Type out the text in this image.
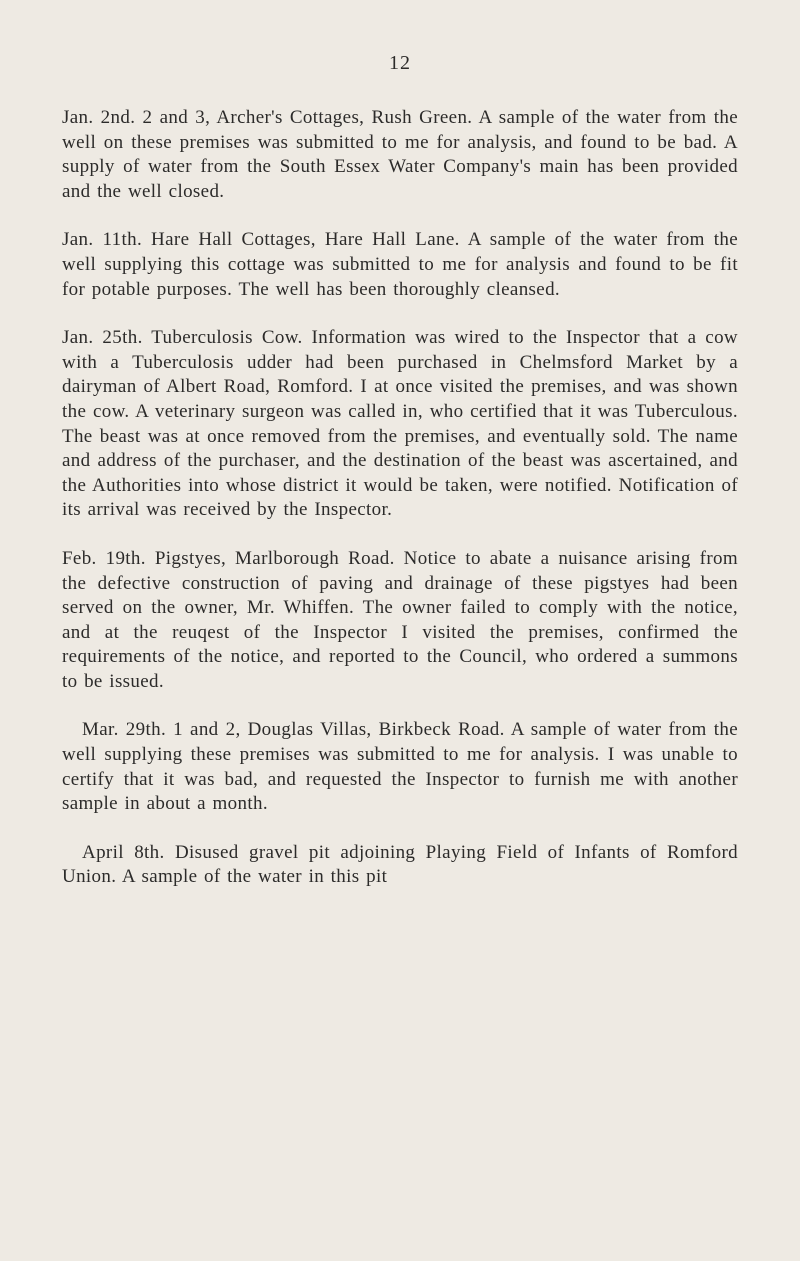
12

Jan. 2nd. 2 and 3, Archer's Cottages, Rush Green. A sample of the water from the well on these premises was submitted to me for analysis, and found to be bad. A supply of water from the South Essex Water Company's main has been provided and the well closed.

Jan. 11th. Hare Hall Cottages, Hare Hall Lane. A sample of the water from the well supplying this cottage was submitted to me for analysis and found to be fit for potable purposes. The well has been thoroughly cleansed.

Jan. 25th. Tuberculosis Cow. Information was wired to the Inspector that a cow with a Tuberculosis udder had been purchased in Chelmsford Market by a dairyman of Albert Road, Romford. I at once visited the premises, and was shown the cow. A veterinary surgeon was called in, who certified that it was Tuberculous. The beast was at once removed from the premises, and eventually sold. The name and address of the purchaser, and the destination of the beast was ascertained, and the Authorities into whose district it would be taken, were notified. Notification of its arrival was received by the Inspector.

Feb. 19th. Pigstyes, Marlborough Road. Notice to abate a nuisance arising from the defective construction of paving and drainage of these pigstyes had been served on the owner, Mr. Whiffen. The owner failed to comply with the notice, and at the reuqest of the Inspector I visited the premises, confirmed the requirements of the notice, and reported to the Council, who ordered a summons to be issued.

Mar. 29th. 1 and 2, Douglas Villas, Birkbeck Road. A sample of water from the well supplying these premises was submitted to me for analysis. I was unable to certify that it was bad, and requested the Inspector to furnish me with another sample in about a month.

April 8th. Disused gravel pit adjoining Playing Field of Infants of Romford Union. A sample of the water in this pit
